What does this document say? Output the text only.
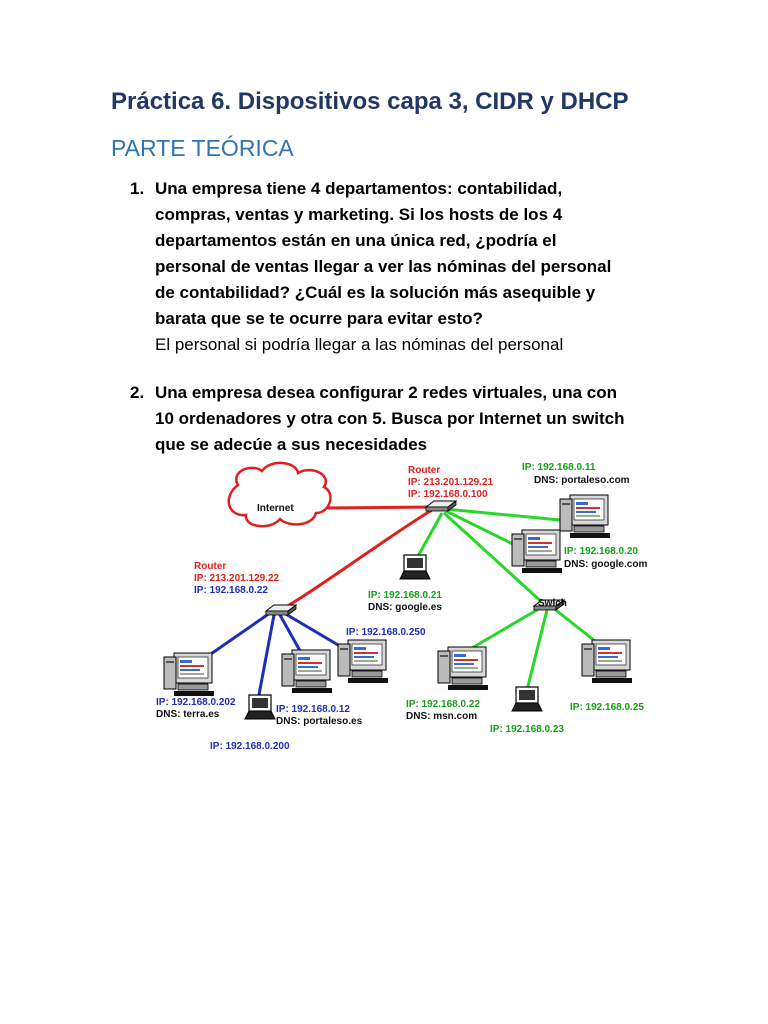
Práctica 6. Dispositivos capa 3, CIDR y DHCP
PARTE TEÓRICA
1. Una empresa tiene 4 departamentos: contabilidad,
compras, ventas y marketing. Si los hosts de los 4
departamentos están en una única red, ¿podría el
personal de ventas llegar a ver las nóminas del personal
de contabilidad? ¿Cuál es la solución más asequible y
barata que se te ocurre para evitar esto?
El personal si podría llegar a las nóminas del personal
2. Una empresa desea configurar 2 redes virtuales, una con
10 ordenadores y otra con 5. Busca por Internet un switch
que se adecúe a sus necesidades
Internet
Router
IP: 213.201.129.21
IP: 192.168.0.100
IP: 192.168.0.11
DNS: portaleso.com
IP: 192.168.0.20
DNS: google.com
IP: 192.168.0.21
DNS: google.es
Router
IP: 213.201.129.22
IP: 192.168.0.22
IP: 192.168.0.250
IP: 192.168.0.202
DNS: terra.es	IP: 192.168.0.12
DNS: portaleso.es
IP: 192.168.0.200
Swich
IP: 192.168.0.22
DNS: msn.com
IP: 192.168.0.23
IP: 192.168.0.25
